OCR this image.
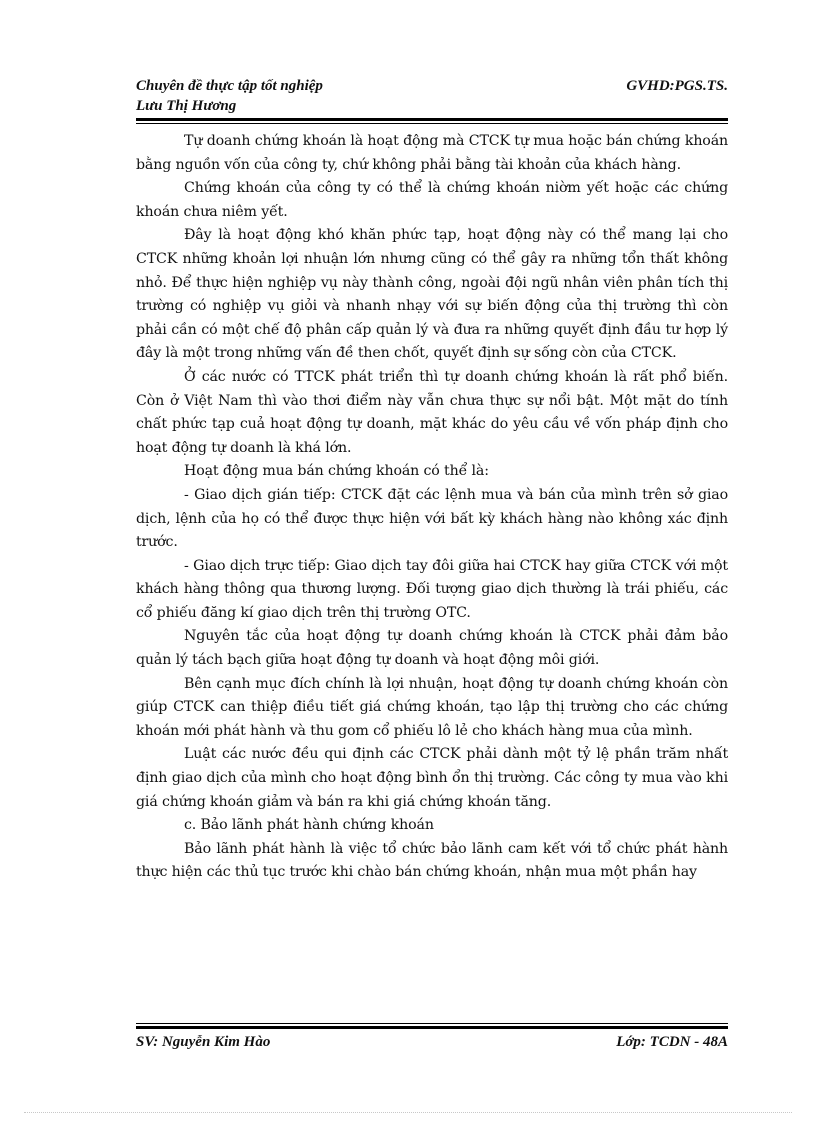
Chuyên đề thực tập tốt nghiệp	GVHD:PGS.TS.
Lưu Thị Hương

Tự doanh chứng khoán là hoạt động mà CTCK tự mua hoặc bán chứng khoán bằng nguồn vốn của công ty, chứ không phải bằng tài khoản của khách hàng.

Chứng khoán của công ty có thể là chứng khoán niờm yết hoặc các chứng khoán chưa niêm yết.

Đây là hoạt động khó khăn phức tạp, hoạt động này có thể mang lại cho CTCK những khoản lợi nhuận lớn nhưng cũng có thể gây ra những tổn thất không nhỏ. Để thực hiện nghiệp vụ này thành công, ngoài đội ngũ nhân viên phân tích thị trường có nghiệp vụ giỏi và nhanh nhạy với sự biến động của thị trường thì còn phải cần có một chế độ phân cấp quản lý và đưa ra những quyết định đầu tư hợp lý đây là một trong những vấn đề then chốt, quyết định sự sống còn của CTCK.

Ở các nước có TTCK phát triển thì tự doanh chứng khoán là rất phổ biến. Còn ở Việt Nam thì vào thơi điểm này vẫn chưa thực sự nổi bật. Một mặt do tính chất phức tạp cuả hoạt động tự doanh, mặt khác do yêu cầu về vốn pháp định cho hoạt động tự doanh là khá lớn.

Hoạt động mua bán chứng khoán có thể là:

- Giao dịch gián tiếp: CTCK đặt các lệnh mua và bán của mình trên sở giao dịch, lệnh của họ có thể được thực hiện với bất kỳ khách hàng nào không xác định trước.

- Giao dịch trực tiếp: Giao dịch tay đôi giữa hai CTCK hay giữa CTCK với một khách hàng thông qua thương lượng. Đối tượng giao dịch thường là trái phiếu, các cổ phiếu đăng kí giao dịch trên thị trường OTC.

Nguyên tắc của hoạt động tự doanh chứng khoán là CTCK phải đảm bảo quản lý tách bạch giữa hoạt động tự doanh và hoạt động môi giới.

Bên cạnh mục đích chính là lợi nhuận, hoạt động tự doanh chứng khoán còn giúp CTCK can thiệp điều tiết giá chứng khoán, tạo lập thị trường cho các chứng khoán mới phát hành và thu gom cổ phiếu lô lẻ cho khách hàng mua của mình.

Luật các nước đều qui định các CTCK phải dành một tỷ lệ phần trăm nhất định giao dịch của mình cho hoạt động bình ổn thị trường. Các công ty mua vào khi giá chứng khoán giảm và bán ra khi giá chứng khoán tăng.

c. Bảo lãnh phát hành chứng khoán

Bảo lãnh phát hành là việc tổ chức bảo lãnh cam kết với tổ chức phát hành thực hiện các thủ tục trước khi chào bán chứng khoán, nhận mua một phần hay

SV: Nguyễn Kim Hào	Lớp: TCDN - 48A
